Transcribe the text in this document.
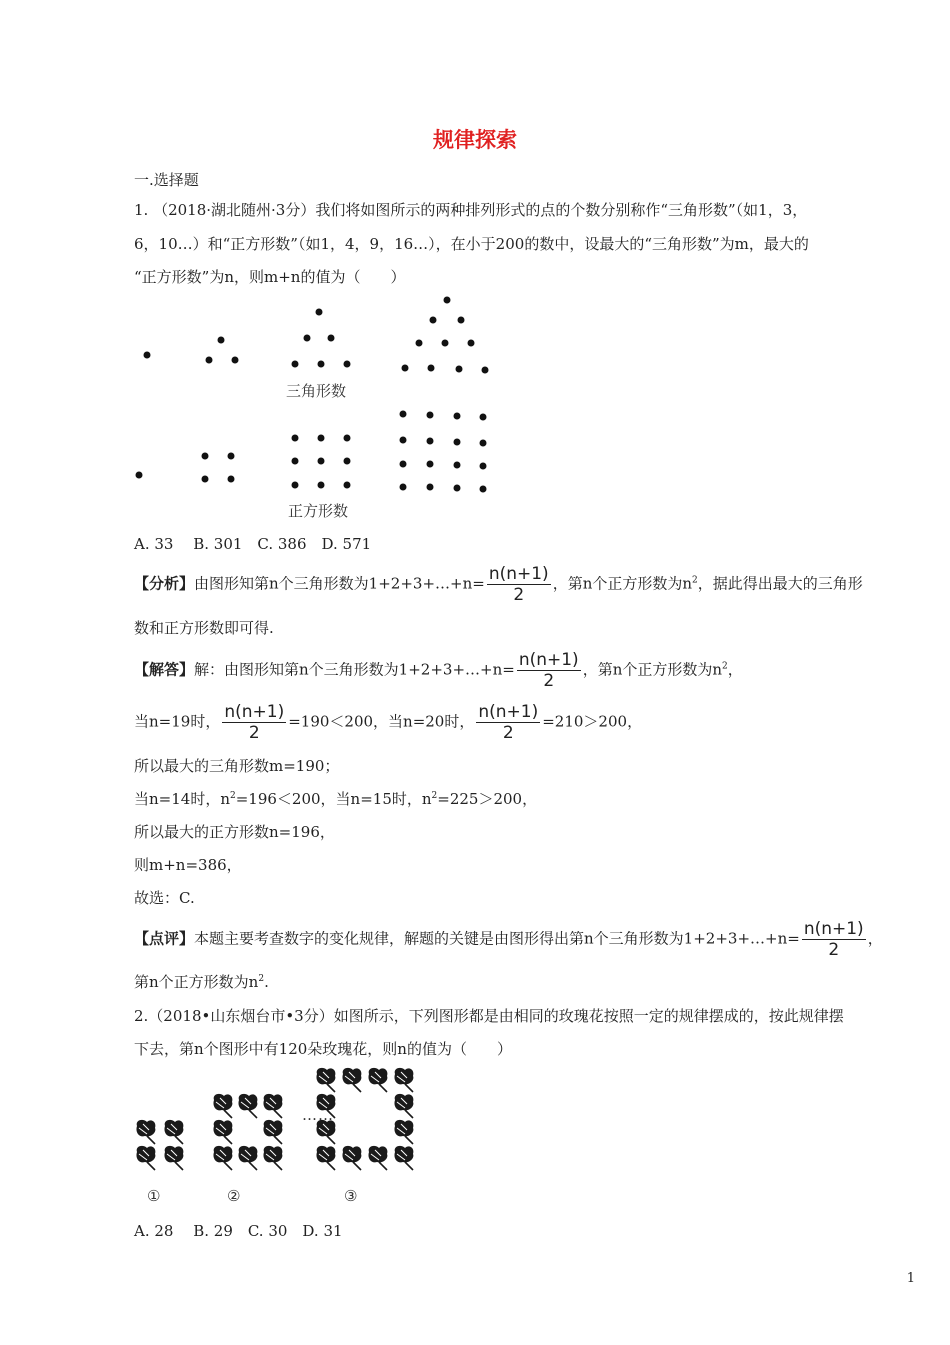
规律探索
一.选择题
1. （2018·湖北随州·3分）我们将如图所示的两种排列形式的点的个数分别称作“三角形数”（如1，3，
6，10…）和“正方形数”（如1，4，9，16…），在小于200的数中，设最大的“三角形数”为m，最大的
“正方形数”为n，则m+n的值为（　　）
三角形数
正方形数
A. 33　 B. 301　C. 386　D. 571
【分析】由图形知第n个三角形数为1+2+3+…+n= $\frac{n(n+1)}{2}$ ，第n个正方形数为$n^2$，据此得出最大的三角形
数和正方形数即可得.
【解答】解：由图形知第n个三角形数为1+2+3+…+n= $\frac{n(n+1)}{2}$ ，第n个正方形数为$n^2$，
当n=19时， $\frac{n(n+1)}{2} =190<200$，当n=20时， $\frac{n(n+1)}{2} =210>200$，
所以最大的三角形数m=190；
当n=14时，$n^2=196<200$，当n=15时，$n^2=225>200$，
所以最大的正方形数n=196，
则m+n=386，
故选：C.
【点评】本题主要考查数字的变化规律，解题的关键是由图形得出第n个三角形数为1+2+3+…+n= $\frac{n(n+1)}{2}$ ，
第n个正方形数为$n^2$.
2.（2018•山东烟台市•3分）如图所示，下列图形都是由相同的玫瑰花按照一定的规律摆成的，按此规律摆
下去，第n个图形中有120朵玫瑰花，则n的值为（　　）
……
①	②	③
A. 28　 B. 29　C. 30　D. 31
1
